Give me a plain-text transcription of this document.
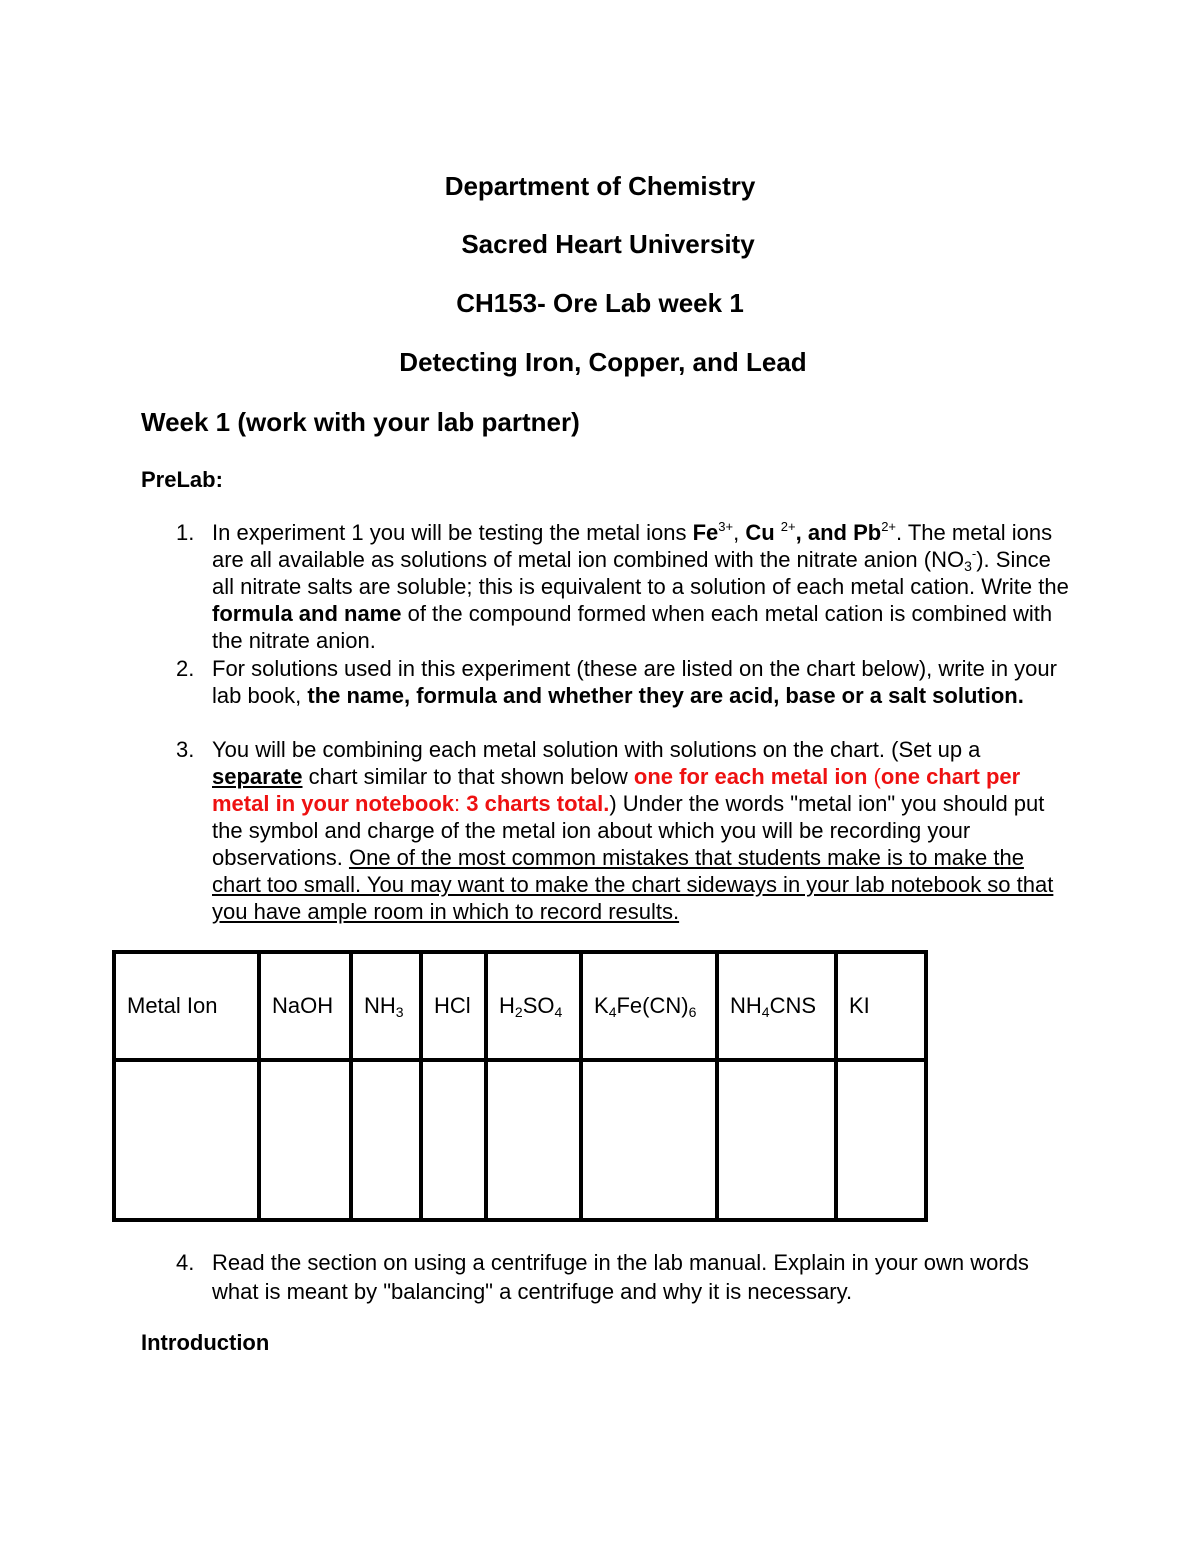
Department of Chemistry
Sacred Heart University
CH153- Ore Lab week 1
Detecting Iron, Copper, and Lead
Week 1 (work with your lab partner)
PreLab:
1. In experiment 1 you will be testing the metal ions $Fe^{3+}$, Cu $^{2+}$, and $Pb^{2+}$. The metal ions are all available as solutions of metal ion combined with the nitrate anion $(NO_3^-)$. Since all nitrate salts are soluble; this is equivalent to a solution of each metal cation. Write the formula and name of the compound formed when each metal cation is combined with the nitrate anion.
2. For solutions used in this experiment (these are listed on the chart below), write in your lab book, the name, formula and whether they are acid, base or a salt solution.
3. You will be combining each metal solution with solutions on the chart. (Set up a separate chart similar to that shown below one for each metal ion (one chart per metal in your notebook: 3 charts total.) Under the words "metal ion" you should put the symbol and charge of the metal ion about which you will be recording your observations. One of the most common mistakes that students make is to make the chart too small. You may want to make the chart sideways in your lab notebook so that you have ample room in which to record results.
Metal Ion	NaOH	$NH_3$	HCl	$H_2SO_4$	$K_4Fe(CN)_6$	$NH_4CNS$	KI

4. Read the section on using a centrifuge in the lab manual. Explain in your own words what is meant by "balancing" a centrifuge and why it is necessary.
Introduction
